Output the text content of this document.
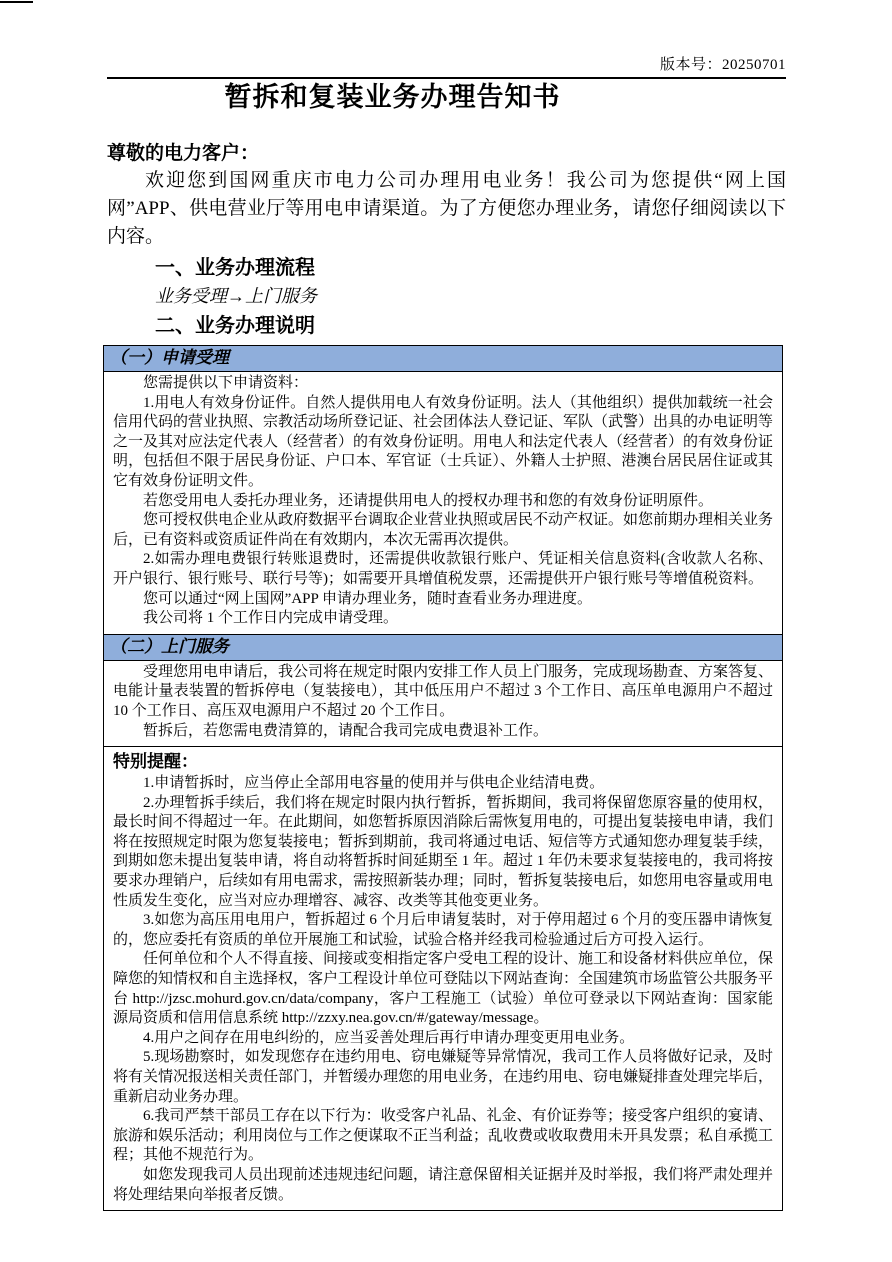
版本号：20250701
暂拆和复装业务办理告知书
尊敬的电力客户：

欢迎您到国网重庆市电力公司办理用电业务！我公司为您提供“网上国网”APP、供电营业厅等用电申请渠道。为了方便您办理业务，请您仔细阅读以下内容。

一、业务办理流程
业务受理→上门服务
二、业务办理说明
（一）申请受理

您需提供以下申请资料：

1.用电人有效身份证件。自然人提供用电人有效身份证明。法人（其他组织）提供加载统一社会信用代码的营业执照、宗教活动场所登记证、社会团体法人登记证、军队（武警）出具的办电证明等之一及其对应法定代表人（经营者）的有效身份证明。用电人和法定代表人（经营者）的有效身份证明，包括但不限于居民身份证、户口本、军官证（士兵证）、外籍人士护照、港澳台居民居住证或其它有效身份证明文件。

若您受用电人委托办理业务，还请提供用电人的授权办理书和您的有效身份证明原件。

您可授权供电企业从政府数据平台调取企业营业执照或居民不动产权证。如您前期办理相关业务后，已有资料或资质证件尚在有效期内，本次无需再次提供。

2.如需办理电费银行转账退费时，还需提供收款银行账户、凭证相关信息资料(含收款人名称、开户银行、银行账号、联行号等)；如需要开具增值税发票，还需提供开户银行账号等增值税资料。

您可以通过“网上国网”APP 申请办理业务，随时查看业务办理进度。

我公司将 1 个工作日内完成申请受理。

（二）上门服务

受理您用电申请后，我公司将在规定时限内安排工作人员上门服务，完成现场勘查、方案答复、电能计量表装置的暂拆停电（复装接电），其中低压用户不超过 3 个工作日、高压单电源用户不超过 10 个工作日、高压双电源用户不超过 20 个工作日。

暂拆后，若您需电费清算的，请配合我司完成电费退补工作。

特别提醒：

1.申请暂拆时，应当停止全部用电容量的使用并与供电企业结清电费。

2.办理暂拆手续后，我们将在规定时限内执行暂拆，暂拆期间，我司将保留您原容量的使用权，最长时间不得超过一年。在此期间，如您暂拆原因消除后需恢复用电的，可提出复装接电申请，我们将在按照规定时限为您复装接电；暂拆到期前，我司将通过电话、短信等方式通知您办理复装手续，到期如您未提出复装申请，将自动将暂拆时间延期至 1 年。超过 1 年仍未要求复装接电的，我司将按要求办理销户，后续如有用电需求，需按照新装办理；同时，暂拆复装接电后，如您用电容量或用电性质发生变化，应当对应办理增容、减容、改类等其他变更业务。

3.如您为高压用电用户，暂拆超过 6 个月后申请复装时，对于停用超过 6 个月的变压器申请恢复的，您应委托有资质的单位开展施工和试验，试验合格并经我司检验通过后方可投入运行。

任何单位和个人不得直接、间接或变相指定客户受电工程的设计、施工和设备材料供应单位，保障您的知情权和自主选择权，客户工程设计单位可登陆以下网站查询：全国建筑市场监管公共服务平台 http://jzsc.mohurd.gov.cn/data/company，客户工程施工（试验）单位可登录以下网站查询：国家能源局资质和信用信息系统 http://zzxy.nea.gov.cn/#/gateway/message。

4.用户之间存在用电纠纷的，应当妥善处理后再行申请办理变更用电业务。

5.现场勘察时，如发现您存在违约用电、窃电嫌疑等异常情况，我司工作人员将做好记录，及时将有关情况报送相关责任部门，并暂缓办理您的用电业务，在违约用电、窃电嫌疑排查处理完毕后，重新启动业务办理。

6.我司严禁干部员工存在以下行为：收受客户礼品、礼金、有价证券等；接受客户组织的宴请、旅游和娱乐活动；利用岗位与工作之便谋取不正当利益；乱收费或收取费用未开具发票；私自承揽工程；其他不规范行为。

如您发现我司人员出现前述违规违纪问题，请注意保留相关证据并及时举报，我们将严肃处理并将处理结果向举报者反馈。
